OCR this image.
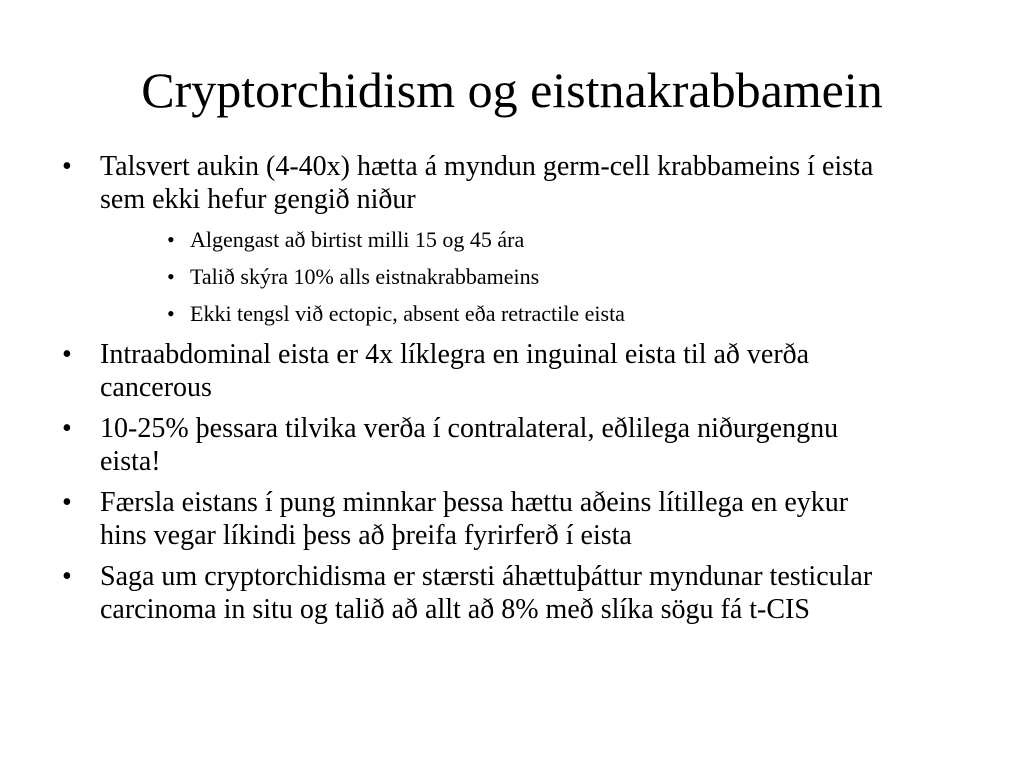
Cryptorchidism og eistnakrabbamein
• Talsvert aukin (4-40x) hætta á myndun germ-cell krabbameins í eista sem ekki hefur gengið niður
• Algengast að birtist milli 15 og 45 ára
• Talið skýra 10% alls eistnakrabbameins
• Ekki tengsl við ectopic, absent eða retractile eista
• Intraabdominal eista er 4x líklegra en inguinal eista til að verða cancerous
• 10-25% þessara tilvika verða í contralateral, eðlilega niðurgengnu eista!
• Færsla eistans í pung minnkar þessa hættu aðeins lítillega en eykur hins vegar líkindi þess að þreifa fyrirferð í eista
• Saga um cryptorchidisma er stærsti áhættuþáttur myndunar testicular carcinoma in situ og talið að allt að 8% með slíka sögu fá t-CIS
